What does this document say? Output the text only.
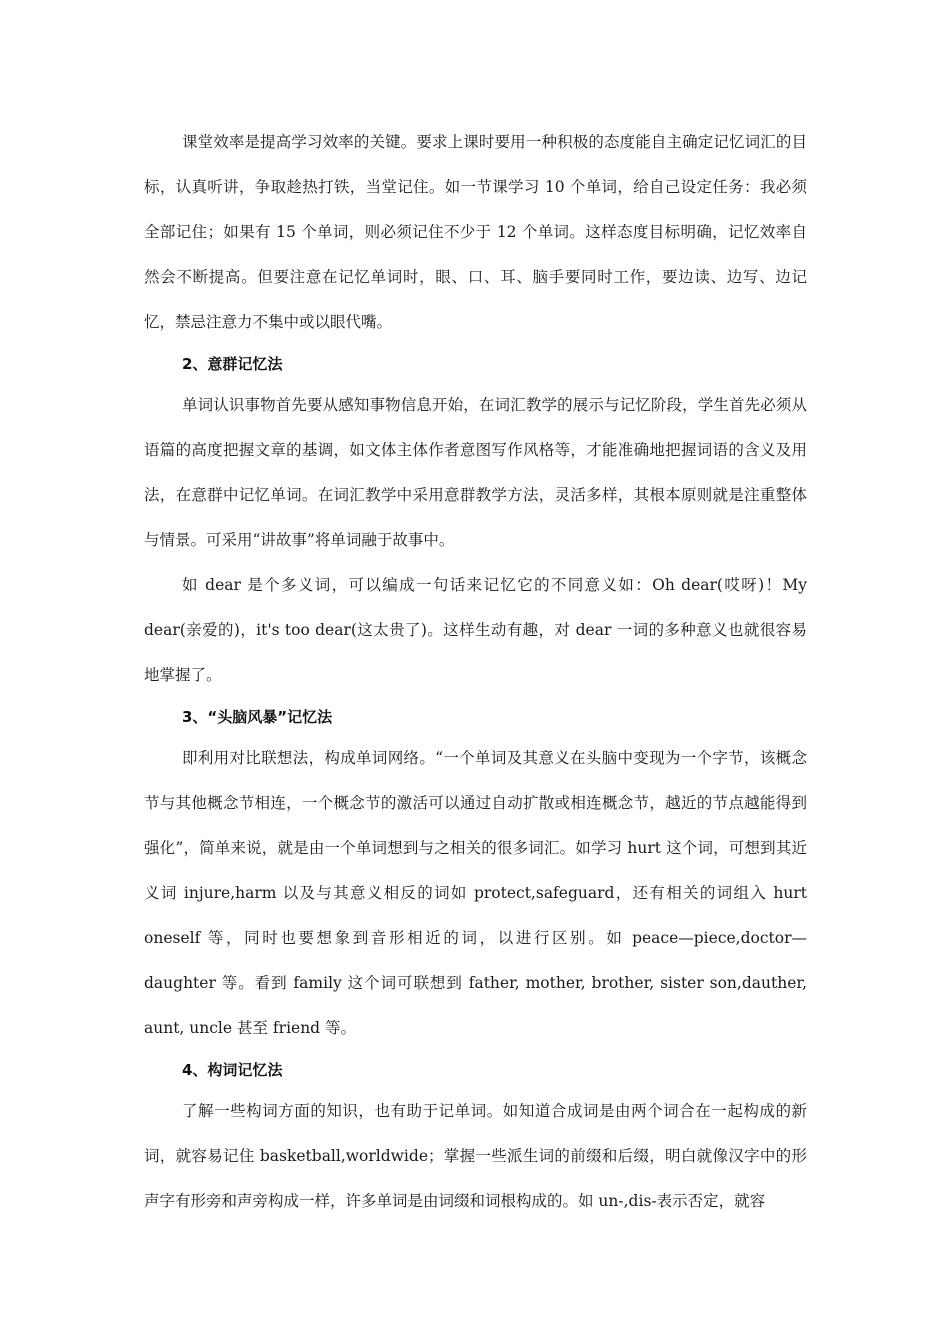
课堂效率是提高学习效率的关键。要求上课时要用一种积极的态度能自主确定记忆词汇的目标，认真听讲，争取趁热打铁，当堂记住。如一节课学习 10 个单词，给自己设定任务：我必须全部记住；如果有 15 个单词，则必须记住不少于 12 个单词。这样态度目标明确，记忆效率自然会不断提高。但要注意在记忆单词时，眼、口、耳、脑手要同时工作，要边读、边写、边记忆，禁忌注意力不集中或以眼代嘴。

2、意群记忆法

单词认识事物首先要从感知事物信息开始，在词汇教学的展示与记忆阶段，学生首先必须从语篇的高度把握文章的基调，如文体主体作者意图写作风格等，才能准确地把握词语的含义及用法，在意群中记忆单词。在词汇教学中采用意群教学方法，灵活多样，其根本原则就是注重整体与情景。可采用“讲故事”将单词融于故事中。

如 dear 是个多义词，可以编成一句话来记忆它的不同意义如：Oh dear(哎呀)！My dear(亲爱的)，it's too dear(这太贵了)。这样生动有趣，对 dear 一词的多种意义也就很容易地掌握了。

3、“头脑风暴”记忆法

即利用对比联想法，构成单词网络。“一个单词及其意义在头脑中变现为一个字节，该概念节与其他概念节相连，一个概念节的激活可以通过自动扩散或相连概念节，越近的节点越能得到强化”，简单来说，就是由一个单词想到与之相关的很多词汇。如学习 hurt 这个词，可想到其近义词 injure,harm 以及与其意义相反的词如 protect,safeguard，还有相关的词组入 hurt oneself 等，同时也要想象到音形相近的词，以进行区别。如 peace—piece,doctor—daughter 等。看到 family 这个词可联想到 father, mother, brother, sister son,dauther, aunt, uncle 甚至 friend 等。

4、构词记忆法

了解一些构词方面的知识，也有助于记单词。如知道合成词是由两个词合在一起构成的新词，就容易记住 basketball,worldwide；掌握一些派生词的前缀和后缀，明白就像汉字中的形声字有形旁和声旁构成一样，许多单词是由词缀和词根构成的。如 un-,dis-表示否定，就容
